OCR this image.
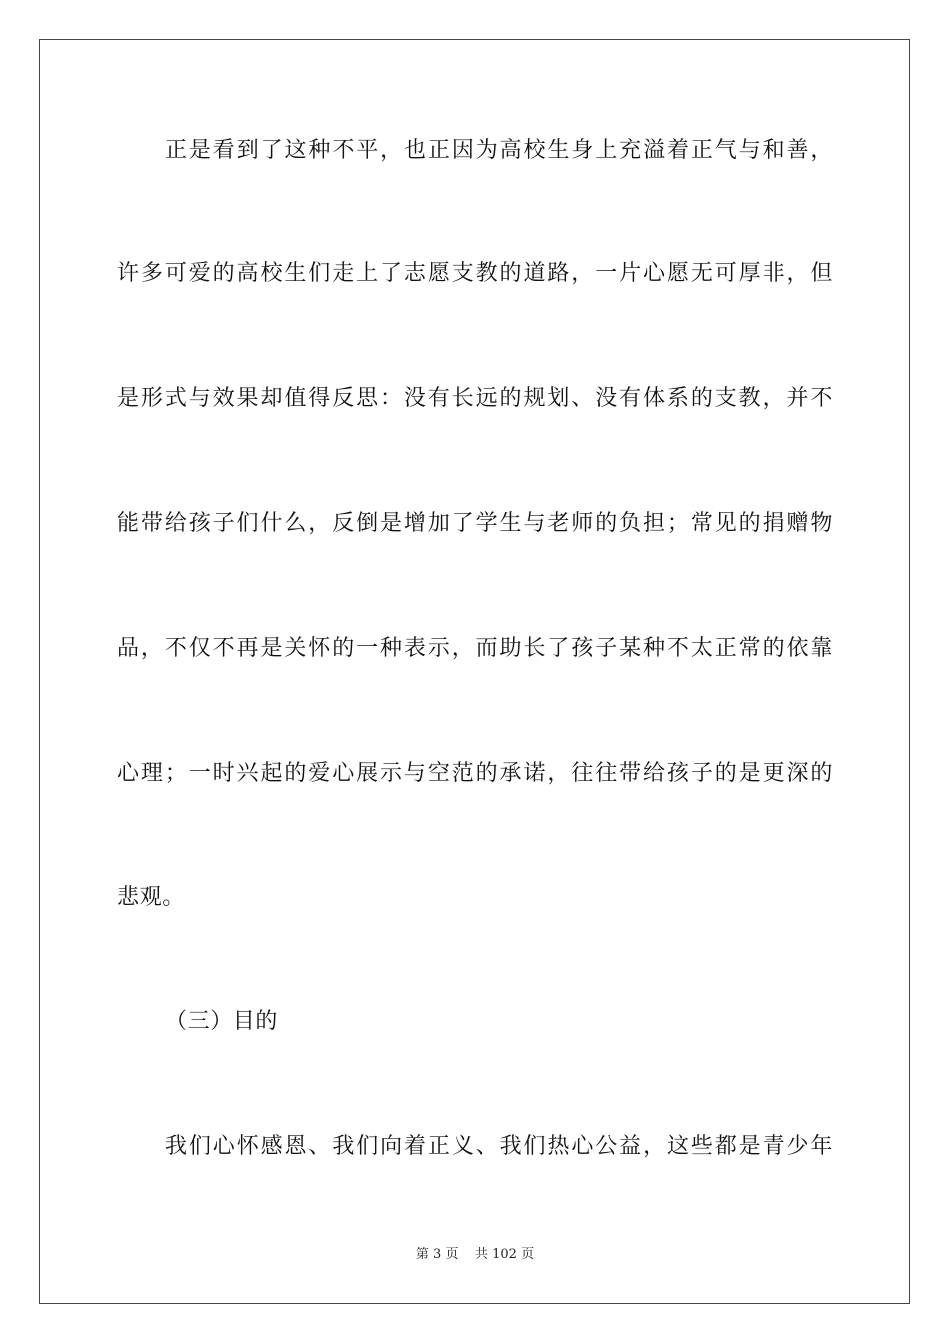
正是看到了这种不平，也正因为高校生身上充溢着正气与和善，
许多可爱的高校生们走上了志愿支教的道路，一片心愿无可厚非，但
是形式与效果却值得反思：没有长远的规划、没有体系的支教，并不
能带给孩子们什么，反倒是增加了学生与老师的负担；常见的捐赠物
品，不仅不再是关怀的一种表示，而助长了孩子某种不太正常的依靠
心理；一时兴起的爱心展示与空范的承诺，往往带给孩子的是更深的
悲观。
（三）目的
我们心怀感恩、我们向着正义、我们热心公益，这些都是青少年
第 3 页    共 102 页
